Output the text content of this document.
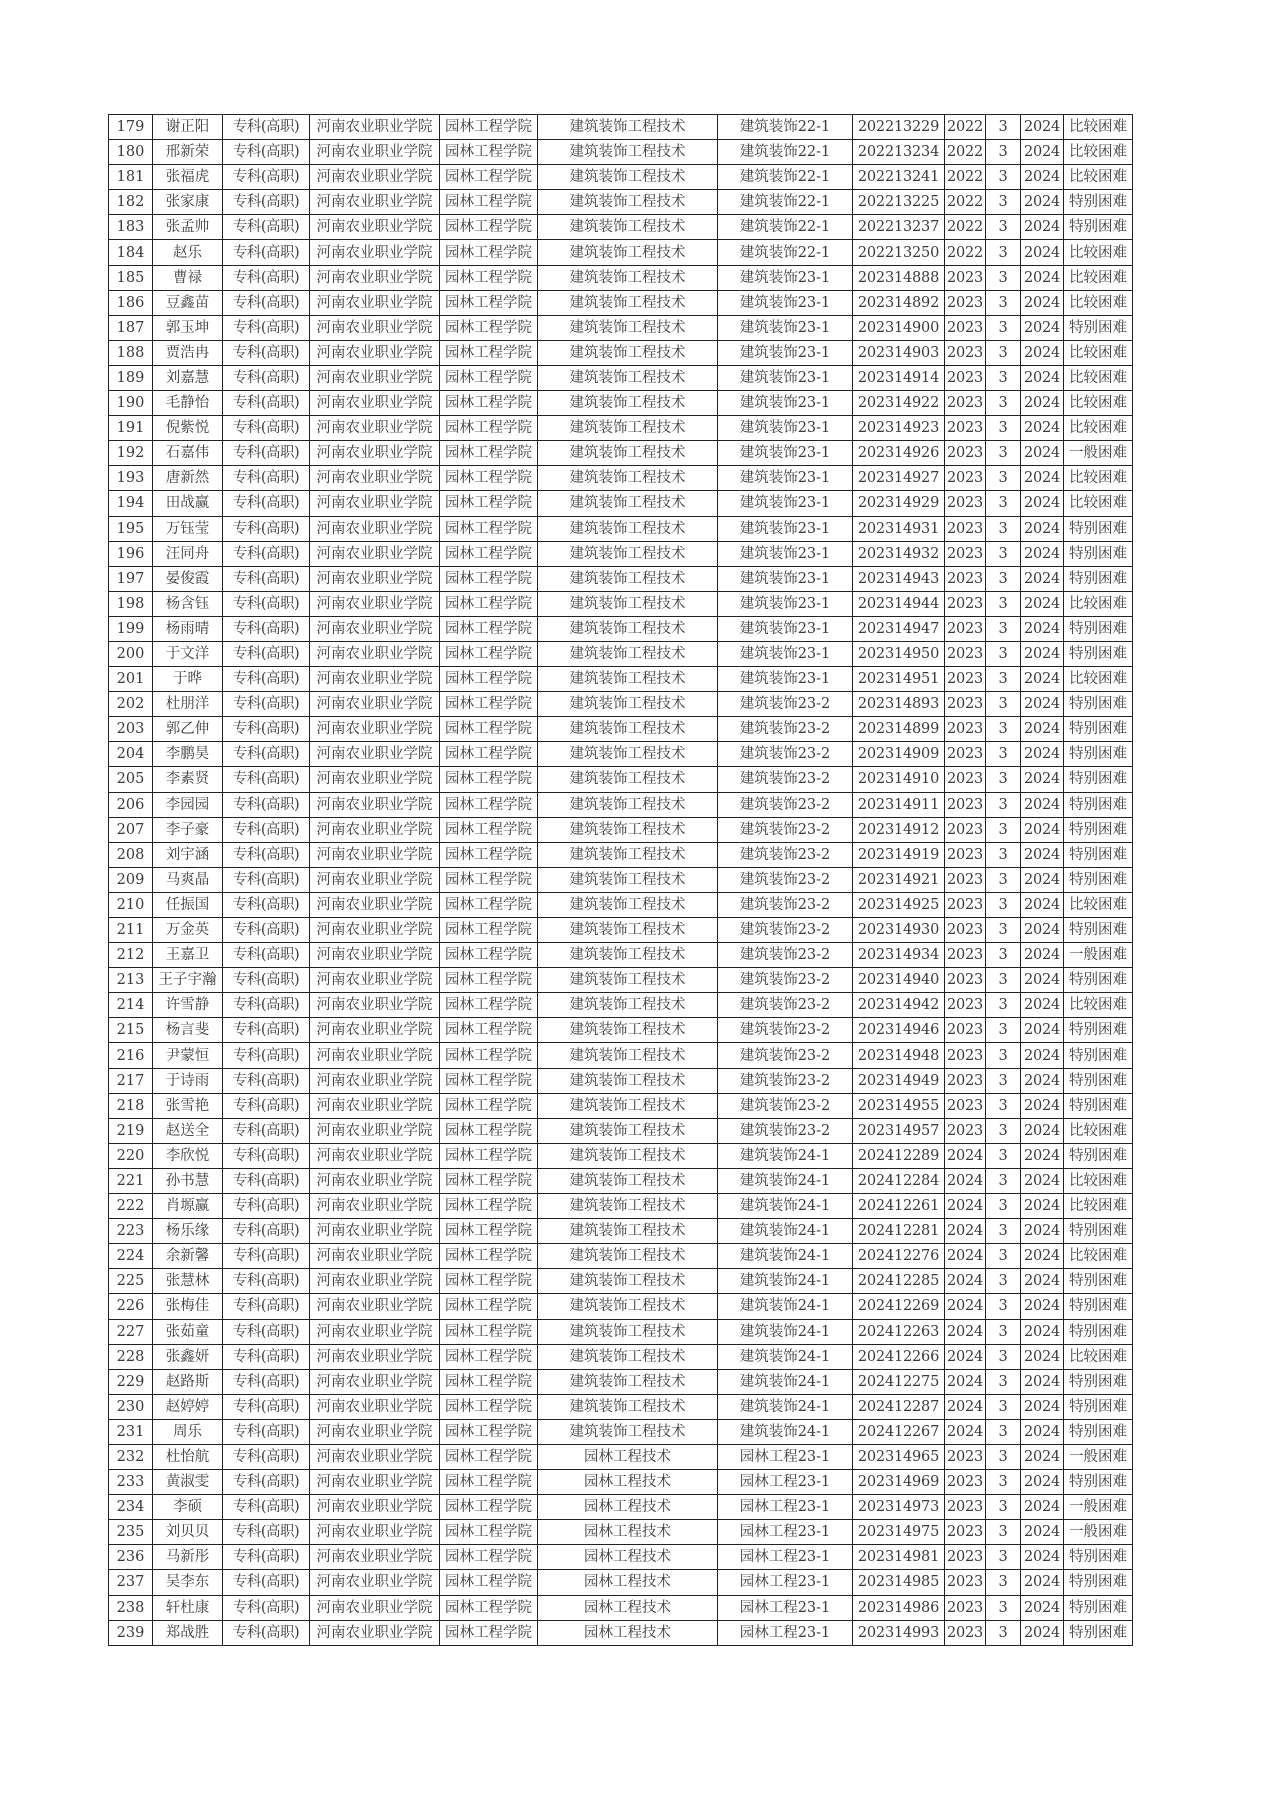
179	谢正阳	专科(高职)	河南农业职业学院	园林工程学院	建筑装饰工程技术	建筑装饰22-1	202213229	2022	3	2024	比较困难
180	邢新荣	专科(高职)	河南农业职业学院	园林工程学院	建筑装饰工程技术	建筑装饰22-1	202213234	2022	3	2024	比较困难
181	张福虎	专科(高职)	河南农业职业学院	园林工程学院	建筑装饰工程技术	建筑装饰22-1	202213241	2022	3	2024	比较困难
182	张家康	专科(高职)	河南农业职业学院	园林工程学院	建筑装饰工程技术	建筑装饰22-1	202213225	2022	3	2024	特别困难
183	张孟帅	专科(高职)	河南农业职业学院	园林工程学院	建筑装饰工程技术	建筑装饰22-1	202213237	2022	3	2024	特别困难
184	赵乐	专科(高职)	河南农业职业学院	园林工程学院	建筑装饰工程技术	建筑装饰22-1	202213250	2022	3	2024	比较困难
185	曹禄	专科(高职)	河南农业职业学院	园林工程学院	建筑装饰工程技术	建筑装饰23-1	202314888	2023	3	2024	比较困难
186	豆鑫苗	专科(高职)	河南农业职业学院	园林工程学院	建筑装饰工程技术	建筑装饰23-1	202314892	2023	3	2024	比较困难
187	郭玉坤	专科(高职)	河南农业职业学院	园林工程学院	建筑装饰工程技术	建筑装饰23-1	202314900	2023	3	2024	特别困难
188	贾浩冉	专科(高职)	河南农业职业学院	园林工程学院	建筑装饰工程技术	建筑装饰23-1	202314903	2023	3	2024	比较困难
189	刘嘉慧	专科(高职)	河南农业职业学院	园林工程学院	建筑装饰工程技术	建筑装饰23-1	202314914	2023	3	2024	比较困难
190	毛静怡	专科(高职)	河南农业职业学院	园林工程学院	建筑装饰工程技术	建筑装饰23-1	202314922	2023	3	2024	比较困难
191	倪紫悦	专科(高职)	河南农业职业学院	园林工程学院	建筑装饰工程技术	建筑装饰23-1	202314923	2023	3	2024	比较困难
192	石嘉伟	专科(高职)	河南农业职业学院	园林工程学院	建筑装饰工程技术	建筑装饰23-1	202314926	2023	3	2024	一般困难
193	唐新然	专科(高职)	河南农业职业学院	园林工程学院	建筑装饰工程技术	建筑装饰23-1	202314927	2023	3	2024	比较困难
194	田战赢	专科(高职)	河南农业职业学院	园林工程学院	建筑装饰工程技术	建筑装饰23-1	202314929	2023	3	2024	比较困难
195	万钰莹	专科(高职)	河南农业职业学院	园林工程学院	建筑装饰工程技术	建筑装饰23-1	202314931	2023	3	2024	特别困难
196	汪同舟	专科(高职)	河南农业职业学院	园林工程学院	建筑装饰工程技术	建筑装饰23-1	202314932	2023	3	2024	特别困难
197	晏俊霞	专科(高职)	河南农业职业学院	园林工程学院	建筑装饰工程技术	建筑装饰23-1	202314943	2023	3	2024	特别困难
198	杨含钰	专科(高职)	河南农业职业学院	园林工程学院	建筑装饰工程技术	建筑装饰23-1	202314944	2023	3	2024	比较困难
199	杨雨晴	专科(高职)	河南农业职业学院	园林工程学院	建筑装饰工程技术	建筑装饰23-1	202314947	2023	3	2024	特别困难
200	于文洋	专科(高职)	河南农业职业学院	园林工程学院	建筑装饰工程技术	建筑装饰23-1	202314950	2023	3	2024	特别困难
201	于晔	专科(高职)	河南农业职业学院	园林工程学院	建筑装饰工程技术	建筑装饰23-1	202314951	2023	3	2024	比较困难
202	杜朋洋	专科(高职)	河南农业职业学院	园林工程学院	建筑装饰工程技术	建筑装饰23-2	202314893	2023	3	2024	特别困难
203	郭乙伸	专科(高职)	河南农业职业学院	园林工程学院	建筑装饰工程技术	建筑装饰23-2	202314899	2023	3	2024	特别困难
204	李鹏昊	专科(高职)	河南农业职业学院	园林工程学院	建筑装饰工程技术	建筑装饰23-2	202314909	2023	3	2024	特别困难
205	李素贤	专科(高职)	河南农业职业学院	园林工程学院	建筑装饰工程技术	建筑装饰23-2	202314910	2023	3	2024	特别困难
206	李园园	专科(高职)	河南农业职业学院	园林工程学院	建筑装饰工程技术	建筑装饰23-2	202314911	2023	3	2024	特别困难
207	李子豪	专科(高职)	河南农业职业学院	园林工程学院	建筑装饰工程技术	建筑装饰23-2	202314912	2023	3	2024	特别困难
208	刘宇涵	专科(高职)	河南农业职业学院	园林工程学院	建筑装饰工程技术	建筑装饰23-2	202314919	2023	3	2024	特别困难
209	马爽晶	专科(高职)	河南农业职业学院	园林工程学院	建筑装饰工程技术	建筑装饰23-2	202314921	2023	3	2024	特别困难
210	任振国	专科(高职)	河南农业职业学院	园林工程学院	建筑装饰工程技术	建筑装饰23-2	202314925	2023	3	2024	比较困难
211	万金英	专科(高职)	河南农业职业学院	园林工程学院	建筑装饰工程技术	建筑装饰23-2	202314930	2023	3	2024	特别困难
212	王嘉卫	专科(高职)	河南农业职业学院	园林工程学院	建筑装饰工程技术	建筑装饰23-2	202314934	2023	3	2024	一般困难
213	王子宇瀚	专科(高职)	河南农业职业学院	园林工程学院	建筑装饰工程技术	建筑装饰23-2	202314940	2023	3	2024	特别困难
214	许雪静	专科(高职)	河南农业职业学院	园林工程学院	建筑装饰工程技术	建筑装饰23-2	202314942	2023	3	2024	比较困难
215	杨言斐	专科(高职)	河南农业职业学院	园林工程学院	建筑装饰工程技术	建筑装饰23-2	202314946	2023	3	2024	特别困难
216	尹蒙恒	专科(高职)	河南农业职业学院	园林工程学院	建筑装饰工程技术	建筑装饰23-2	202314948	2023	3	2024	特别困难
217	于诗雨	专科(高职)	河南农业职业学院	园林工程学院	建筑装饰工程技术	建筑装饰23-2	202314949	2023	3	2024	特别困难
218	张雪艳	专科(高职)	河南农业职业学院	园林工程学院	建筑装饰工程技术	建筑装饰23-2	202314955	2023	3	2024	特别困难
219	赵送全	专科(高职)	河南农业职业学院	园林工程学院	建筑装饰工程技术	建筑装饰23-2	202314957	2023	3	2024	比较困难
220	李欣悦	专科(高职)	河南农业职业学院	园林工程学院	建筑装饰工程技术	建筑装饰24-1	202412289	2024	3	2024	特别困难
221	孙书慧	专科(高职)	河南农业职业学院	园林工程学院	建筑装饰工程技术	建筑装饰24-1	202412284	2024	3	2024	比较困难
222	肖塬赢	专科(高职)	河南农业职业学院	园林工程学院	建筑装饰工程技术	建筑装饰24-1	202412261	2024	3	2024	比较困难
223	杨乐缘	专科(高职)	河南农业职业学院	园林工程学院	建筑装饰工程技术	建筑装饰24-1	202412281	2024	3	2024	特别困难
224	余新馨	专科(高职)	河南农业职业学院	园林工程学院	建筑装饰工程技术	建筑装饰24-1	202412276	2024	3	2024	比较困难
225	张慧林	专科(高职)	河南农业职业学院	园林工程学院	建筑装饰工程技术	建筑装饰24-1	202412285	2024	3	2024	特别困难
226	张梅佳	专科(高职)	河南农业职业学院	园林工程学院	建筑装饰工程技术	建筑装饰24-1	202412269	2024	3	2024	特别困难
227	张茹童	专科(高职)	河南农业职业学院	园林工程学院	建筑装饰工程技术	建筑装饰24-1	202412263	2024	3	2024	特别困难
228	张鑫妍	专科(高职)	河南农业职业学院	园林工程学院	建筑装饰工程技术	建筑装饰24-1	202412266	2024	3	2024	比较困难
229	赵路斯	专科(高职)	河南农业职业学院	园林工程学院	建筑装饰工程技术	建筑装饰24-1	202412275	2024	3	2024	特别困难
230	赵婷婷	专科(高职)	河南农业职业学院	园林工程学院	建筑装饰工程技术	建筑装饰24-1	202412287	2024	3	2024	特别困难
231	周乐	专科(高职)	河南农业职业学院	园林工程学院	建筑装饰工程技术	建筑装饰24-1	202412267	2024	3	2024	特别困难
232	杜怡航	专科(高职)	河南农业职业学院	园林工程学院	园林工程技术	园林工程23-1	202314965	2023	3	2024	一般困难
233	黄淑雯	专科(高职)	河南农业职业学院	园林工程学院	园林工程技术	园林工程23-1	202314969	2023	3	2024	特别困难
234	李硕	专科(高职)	河南农业职业学院	园林工程学院	园林工程技术	园林工程23-1	202314973	2023	3	2024	一般困难
235	刘贝贝	专科(高职)	河南农业职业学院	园林工程学院	园林工程技术	园林工程23-1	202314975	2023	3	2024	一般困难
236	马新彤	专科(高职)	河南农业职业学院	园林工程学院	园林工程技术	园林工程23-1	202314981	2023	3	2024	特别困难
237	吴李东	专科(高职)	河南农业职业学院	园林工程学院	园林工程技术	园林工程23-1	202314985	2023	3	2024	特别困难
238	轩杜康	专科(高职)	河南农业职业学院	园林工程学院	园林工程技术	园林工程23-1	202314986	2023	3	2024	特别困难
239	郑战胜	专科(高职)	河南农业职业学院	园林工程学院	园林工程技术	园林工程23-1	202314993	2023	3	2024	特别困难
